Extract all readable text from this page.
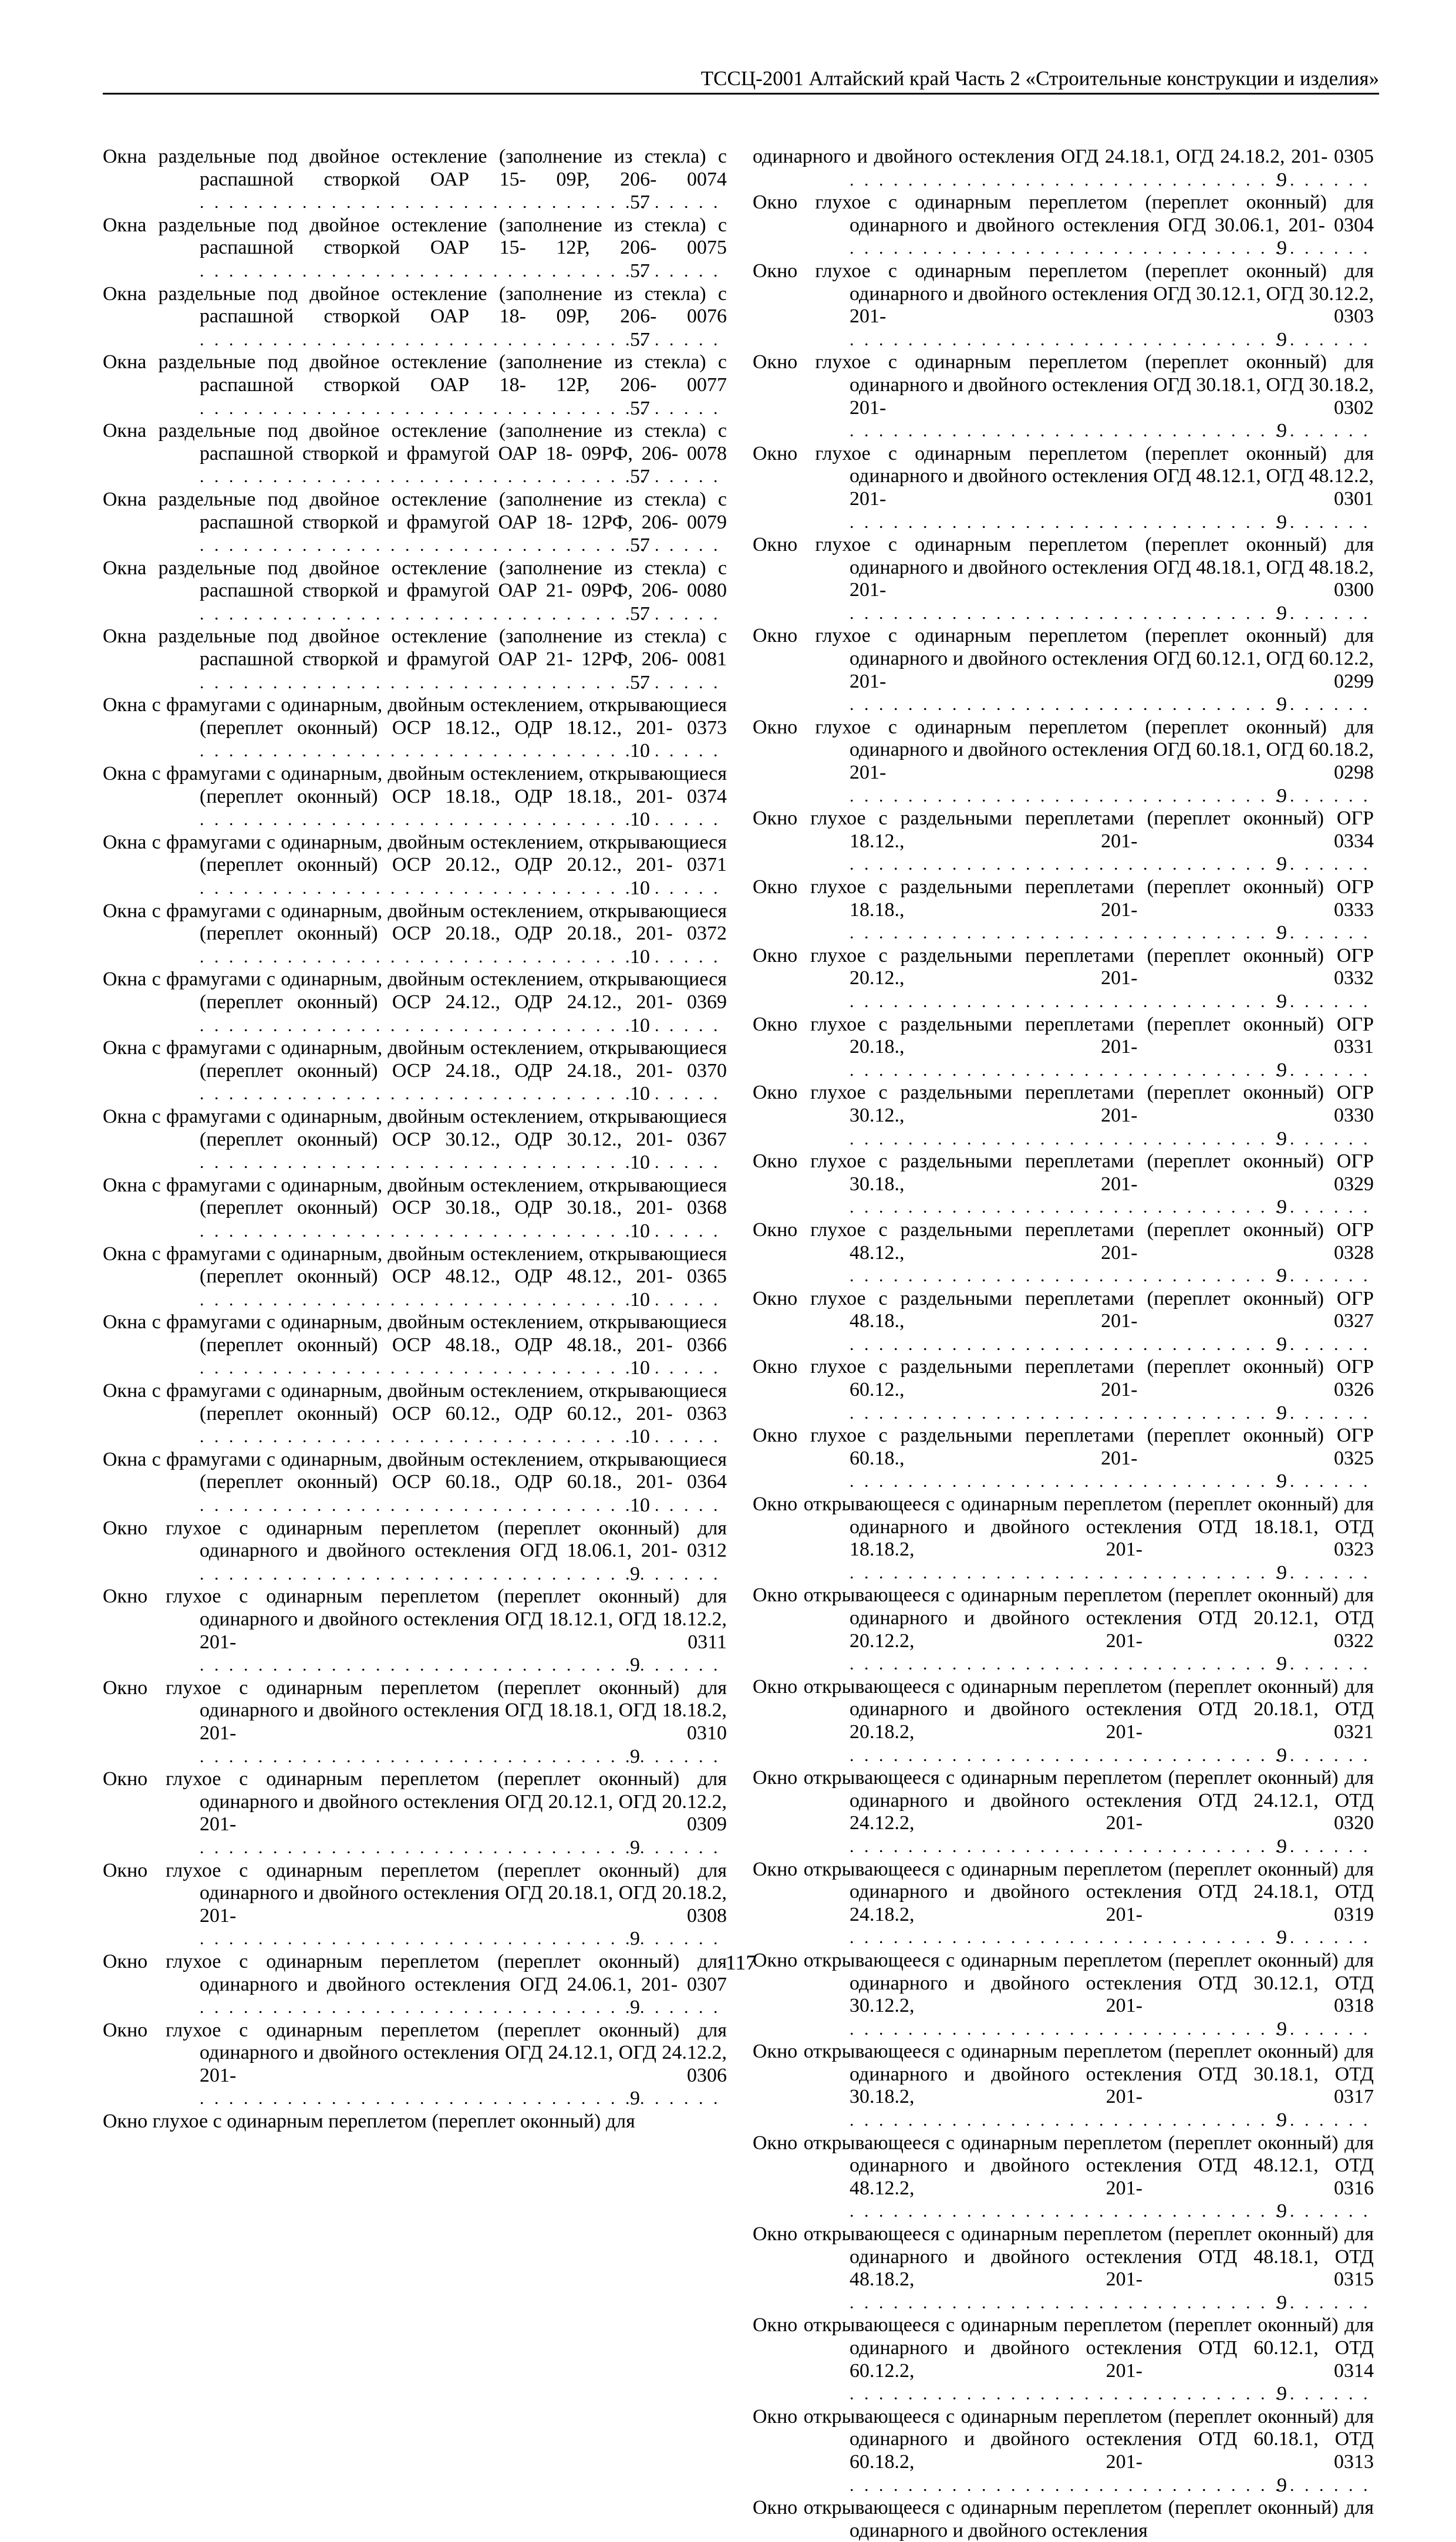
ТССЦ-2001 Алтайский край Часть 2 «Строительные конструкции и изделия»

Окна раздельные под двойное остекление (заполнение из стекла) с распашной створкой ОАР 15- 09Р, 206- 0074 . . .
57

Окна раздельные под двойное остекление (заполнение из стекла) с распашной створкой ОАР 15- 12Р, 206- 0075 . . .
57

Окна раздельные под двойное остекление (заполнение из стекла) с распашной створкой ОАР 18- 09Р, 206- 0076 . . .
57

Окна раздельные под двойное остекление (заполнение из стекла) с распашной створкой ОАР 18- 12Р, 206- 0077 . . .
57

Окна раздельные под двойное остекление (заполнение из стекла) с распашной створкой и фрамугой ОАР 18- 09РФ, 206- 0078 . . .
57

Окна раздельные под двойное остекление (заполнение из стекла) с распашной створкой и фрамугой ОАР 18- 12РФ, 206- 0079 . . .
57

Окна раздельные под двойное остекление (заполнение из стекла) с распашной створкой и фрамугой ОАР 21- 09РФ, 206- 0080 . . .
57

Окна раздельные под двойное остекление (заполнение из стекла) с распашной створкой и фрамугой ОАР 21- 12РФ, 206- 0081 . . .
57

Окна с фрамугами с одинарным, двойным остеклением, открывающиеся (переплет оконный) ОСР 18.12., ОДР 18.12., 201- 0373 . . .
10

Окна с фрамугами с одинарным, двойным остеклением, открывающиеся (переплет оконный) ОСР 18.18., ОДР 18.18., 201- 0374 . . .
10

Окна с фрамугами с одинарным, двойным остеклением, открывающиеся (переплет оконный) ОСР 20.12., ОДР 20.12., 201- 0371 . . .
10

Окна с фрамугами с одинарным, двойным остеклением, открывающиеся (переплет оконный) ОСР 20.18., ОДР 20.18., 201- 0372 . . .
10

Окна с фрамугами с одинарным, двойным остеклением, открывающиеся (переплет оконный) ОСР 24.12., ОДР 24.12., 201- 0369 . . .
10

Окна с фрамугами с одинарным, двойным остеклением, открывающиеся (переплет оконный) ОСР 24.18., ОДР 24.18., 201- 0370 . . .
10

Окна с фрамугами с одинарным, двойным остеклением, открывающиеся (переплет оконный) ОСР 30.12., ОДР 30.12., 201- 0367 . . .
10

Окна с фрамугами с одинарным, двойным остеклением, открывающиеся (переплет оконный) ОСР 30.18., ОДР 30.18., 201- 0368 . . .
10

Окна с фрамугами с одинарным, двойным остеклением, открывающиеся (переплет оконный) ОСР 48.12., ОДР 48.12., 201- 0365 . . .
10

Окна с фрамугами с одинарным, двойным остеклением, открывающиеся (переплет оконный) ОСР 48.18., ОДР 48.18., 201- 0366 . . .
10

Окна с фрамугами с одинарным, двойным остеклением, открывающиеся (переплет оконный) ОСР 60.12., ОДР 60.12., 201- 0363 . . .
10

Окна с фрамугами с одинарным, двойным остеклением, открывающиеся (переплет оконный) ОСР 60.18., ОДР 60.18., 201- 0364 . . .
10

Окно глухое с одинарным переплетом (переплет оконный) для одинарного и двойного остекления ОГД 18.06.1, 201- 0312 . . .
9

Окно глухое с одинарным переплетом (переплет оконный) для одинарного и двойного остекления ОГД 18.12.1, ОГД 18.12.2, 201- 0311 . . .
9

Окно глухое с одинарным переплетом (переплет оконный) для одинарного и двойного остекления ОГД 18.18.1, ОГД 18.18.2, 201- 0310 . . .
9

Окно глухое с одинарным переплетом (переплет оконный) для одинарного и двойного остекления ОГД 20.12.1, ОГД 20.12.2, 201- 0309 . . .
9

Окно глухое с одинарным переплетом (переплет оконный) для одинарного и двойного остекления ОГД 20.18.1, ОГД 20.18.2, 201- 0308 . . .
9

Окно глухое с одинарным переплетом (переплет оконный) для одинарного и двойного остекления ОГД 24.06.1, 201- 0307 . . .
9

Окно глухое с одинарным переплетом (переплет оконный) для одинарного и двойного остекления ОГД 24.12.1, ОГД 24.12.2, 201- 0306 . . .
9

Окно глухое с одинарным переплетом (переплет оконный) для

одинарного и двойного остекления ОГД 24.18.1, ОГД 24.18.2, 201- 0305 . . .
9

Окно глухое с одинарным переплетом (переплет оконный) для одинарного и двойного остекления ОГД 30.06.1, 201- 0304 . . .
9

Окно глухое с одинарным переплетом (переплет оконный) для одинарного и двойного остекления ОГД 30.12.1, ОГД 30.12.2, 201- 0303 . . .
9

Окно глухое с одинарным переплетом (переплет оконный) для одинарного и двойного остекления ОГД 30.18.1, ОГД 30.18.2, 201- 0302 . . .
9

Окно глухое с одинарным переплетом (переплет оконный) для одинарного и двойного остекления ОГД 48.12.1, ОГД 48.12.2, 201- 0301 . . .
9

Окно глухое с одинарным переплетом (переплет оконный) для одинарного и двойного остекления ОГД 48.18.1, ОГД 48.18.2, 201- 0300 . . .
9

Окно глухое с одинарным переплетом (переплет оконный) для одинарного и двойного остекления ОГД 60.12.1, ОГД 60.12.2, 201- 0299 . . .
9

Окно глухое с одинарным переплетом (переплет оконный) для одинарного и двойного остекления ОГД 60.18.1, ОГД 60.18.2, 201- 0298 . . .
9

Окно глухое с раздельными переплетами (переплет оконный) ОГР 18.12., 201- 0334 . . .
9

Окно глухое с раздельными переплетами (переплет оконный) ОГР 18.18., 201- 0333 . . .
9

Окно глухое с раздельными переплетами (переплет оконный) ОГР 20.12., 201- 0332 . . .
9

Окно глухое с раздельными переплетами (переплет оконный) ОГР 20.18., 201- 0331 . . .
9

Окно глухое с раздельными переплетами (переплет оконный) ОГР 30.12., 201- 0330 . . .
9

Окно глухое с раздельными переплетами (переплет оконный) ОГР 30.18., 201- 0329 . . .
9

Окно глухое с раздельными переплетами (переплет оконный) ОГР 48.12., 201- 0328 . . .
9

Окно глухое с раздельными переплетами (переплет оконный) ОГР 48.18., 201- 0327 . . .
9

Окно глухое с раздельными переплетами (переплет оконный) ОГР 60.12., 201- 0326 . . .
9

Окно глухое с раздельными переплетами (переплет оконный) ОГР 60.18., 201- 0325 . . .
9

Окно открывающееся с одинарным переплетом (переплет оконный) для одинарного и двойного остекления ОТД 18.18.1, ОТД 18.18.2, 201- 0323 . . .
9

Окно открывающееся с одинарным переплетом (переплет оконный) для одинарного и двойного остекления ОТД 20.12.1, ОТД 20.12.2, 201- 0322 . . .
9

Окно открывающееся с одинарным переплетом (переплет оконный) для одинарного и двойного остекления ОТД 20.18.1, ОТД 20.18.2, 201- 0321 . . .
9

Окно открывающееся с одинарным переплетом (переплет оконный) для одинарного и двойного остекления ОТД 24.12.1, ОТД 24.12.2, 201- 0320 . . .
9

Окно открывающееся с одинарным переплетом (переплет оконный) для одинарного и двойного остекления ОТД 24.18.1, ОТД 24.18.2, 201- 0319 . . .
9

Окно открывающееся с одинарным переплетом (переплет оконный) для одинарного и двойного остекления ОТД 30.12.1, ОТД 30.12.2, 201- 0318 . . .
9

Окно открывающееся с одинарным переплетом (переплет оконный) для одинарного и двойного остекления ОТД 30.18.1, ОТД 30.18.2, 201- 0317 . . .
9

Окно открывающееся с одинарным переплетом (переплет оконный) для одинарного и двойного остекления ОТД 48.12.1, ОТД 48.12.2, 201- 0316 . . .
9

Окно открывающееся с одинарным переплетом (переплет оконный) для одинарного и двойного остекления ОТД 48.18.1, ОТД 48.18.2, 201- 0315 . . .
9

Окно открывающееся с одинарным переплетом (переплет оконный) для одинарного и двойного остекления ОТД 60.12.1, ОТД 60.12.2, 201- 0314 . . .
9

Окно открывающееся с одинарным переплетом (переплет оконный) для одинарного и двойного остекления ОТД 60.18.1, ОТД 60.18.2, 201- 0313 . . .
9

Окно открывающееся с одинарным переплетом (переплет оконный) для одинарного и двойного остекления

117
